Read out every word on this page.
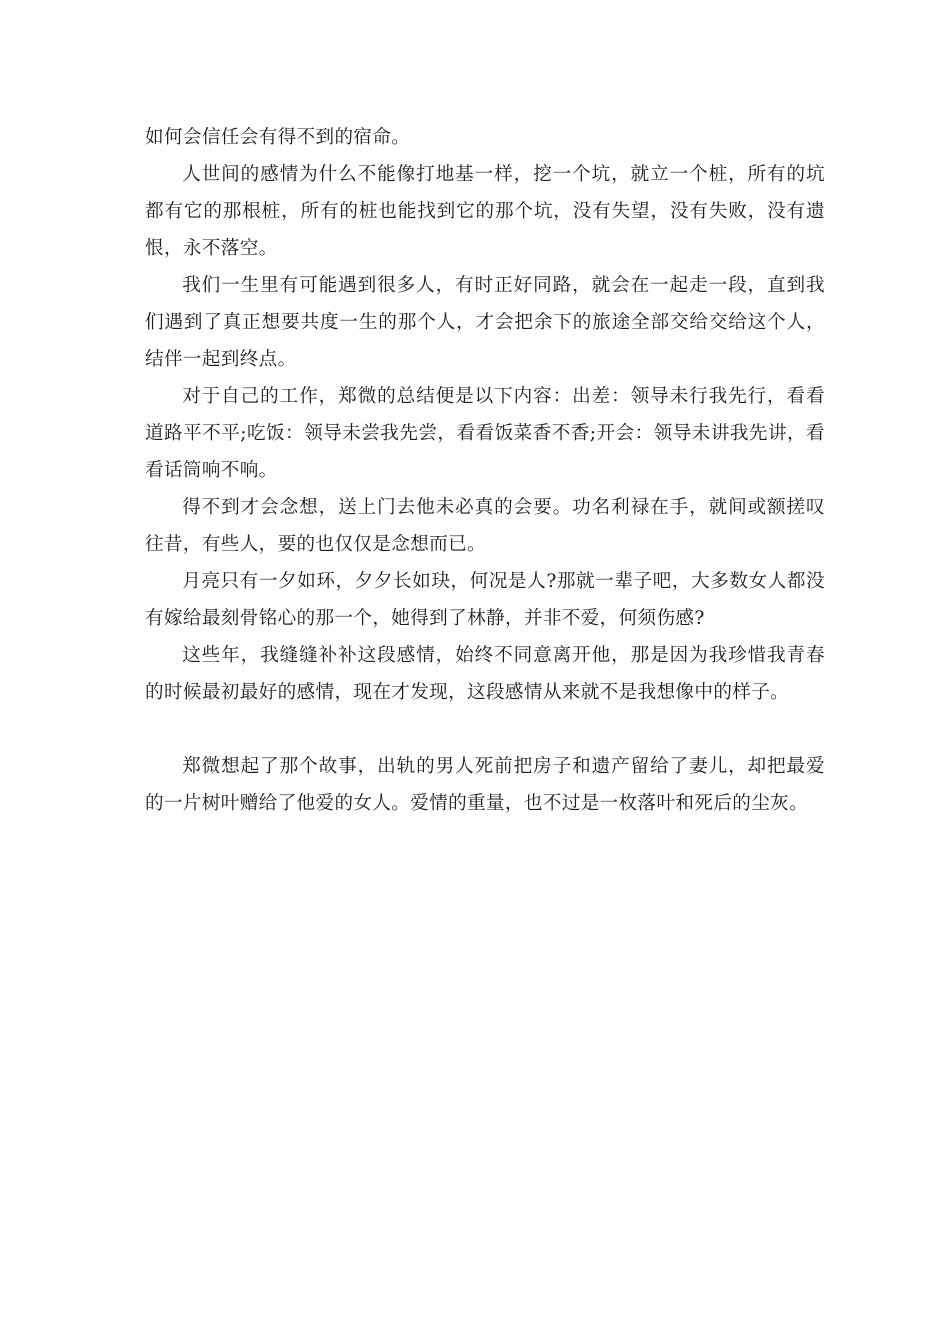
如何会信任会有得不到的宿命。

人世间的感情为什么不能像打地基一样，挖一个坑，就立一个桩，所有的坑都有它的那根桩，所有的桩也能找到它的那个坑，没有失望，没有失败，没有遗恨，永不落空。

我们一生里有可能遇到很多人，有时正好同路，就会在一起走一段，直到我们遇到了真正想要共度一生的那个人，才会把余下的旅途全部交给交给这个人，结伴一起到终点。

对于自己的工作，郑微的总结便是以下内容：出差：领导未行我先行，看看道路平不平;吃饭：领导未尝我先尝，看看饭菜香不香;开会：领导未讲我先讲，看看话筒响不响。

得不到才会念想，送上门去他未必真的会要。功名利禄在手，就间或额搓叹往昔，有些人，要的也仅仅是念想而已。

月亮只有一夕如环，夕夕长如玦，何况是人?那就一辈子吧，大多数女人都没有嫁给最刻骨铭心的那一个，她得到了林静，并非不爱，何须伤感?

这些年，我缝缝补补这段感情，始终不同意离开他，那是因为我珍惜我青春的时候最初最好的感情，现在才发现，这段感情从来就不是我想像中的样子。

郑微想起了那个故事，出轨的男人死前把房子和遗产留给了妻儿，却把最爱的一片树叶赠给了他爱的女人。爱情的重量，也不过是一枚落叶和死后的尘灰。
